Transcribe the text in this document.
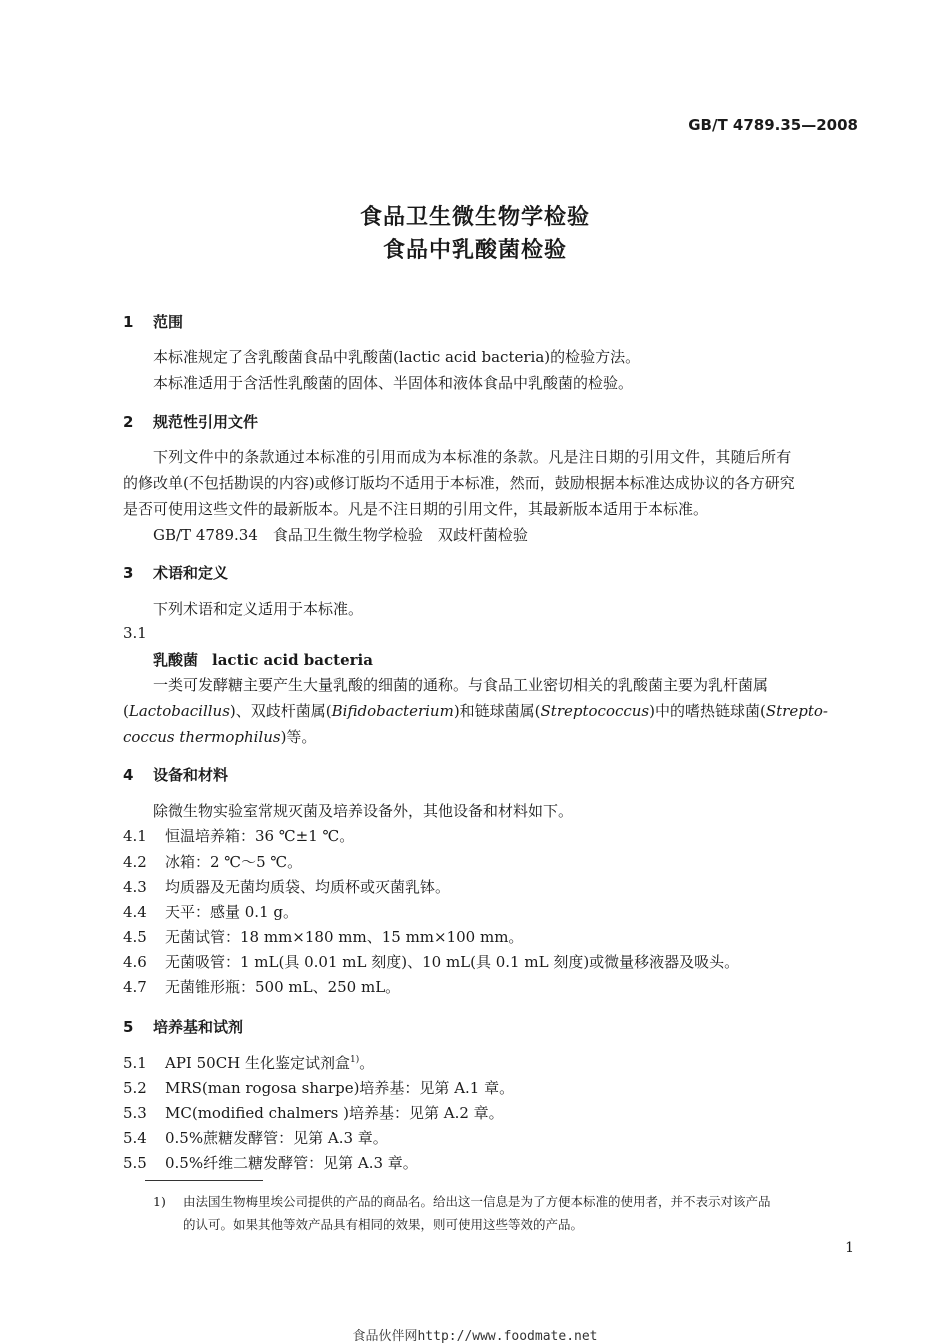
GB/T 4789.35—2008
食品卫生微生物学检验
食品中乳酸菌检验
1 范围
本标准规定了含乳酸菌食品中乳酸菌(lactic acid bacteria)的检验方法。
本标准适用于含活性乳酸菌的固体、半固体和液体食品中乳酸菌的检验。
2 规范性引用文件
下列文件中的条款通过本标准的引用而成为本标准的条款。凡是注日期的引用文件，其随后所有
的修改单(不包括勘误的内容)或修订版均不适用于本标准，然而，鼓励根据本标准达成协议的各方研究
是否可使用这些文件的最新版本。凡是不注日期的引用文件，其最新版本适用于本标准。
GB/T 4789.34　食品卫生微生物学检验　双歧杆菌检验
3 术语和定义
下列术语和定义适用于本标准。
3.1
乳酸菌 lactic acid bacteria
一类可发酵糖主要产生大量乳酸的细菌的通称。与食品工业密切相关的乳酸菌主要为乳杆菌属
(Lactobacillus)、双歧杆菌属(Bifidobacterium)和链球菌属(Streptococcus)中的嗜热链球菌(Strepto-
coccus thermophilus)等。
4 设备和材料
除微生物实验室常规灭菌及培养设备外，其他设备和材料如下。
4.1 恒温培养箱：36 ℃±1 ℃。
4.2 冰箱：2 ℃～5 ℃。
4.3 均质器及无菌均质袋、均质杯或灭菌乳钵。
4.4 天平：感量 0.1 g。
4.5 无菌试管：18 mm×180 mm、15 mm×100 mm。
4.6 无菌吸管：1 mL(具 0.01 mL 刻度)、10 mL(具 0.1 mL 刻度)或微量移液器及吸头。
4.7 无菌锥形瓶：500 mL、250 mL。
5 培养基和试剂
5.1 API 50CH 生化鉴定试剂盒$^{1)}$。
5.2 MRS(man rogosa sharpe)培养基：见第 A.1 章。
5.3 MC(modified chalmers )培养基：见第 A.2 章。
5.4 0.5%蔗糖发酵管：见第 A.3 章。
5.5 0.5%纤维二糖发酵管：见第 A.3 章。
1) 由法国生物梅里埃公司提供的产品的商品名。给出这一信息是为了方便本标准的使用者，并不表示对该产品
的认可。如果其他等效产品具有相同的效果，则可使用这些等效的产品。
1
食品伙伴网http://www.foodmate.net
